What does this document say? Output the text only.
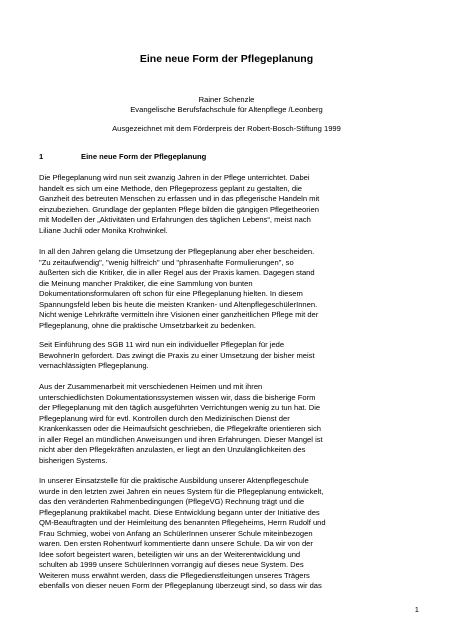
Eine neue Form der Pflegeplanung

Rainer Schenzle

Evangelische Berufsfachschule für Altenpflege /Leonberg

Ausgezeichnet mit dem Förderpreis der Robert-Bosch-Stiftung 1999

1	Eine neue Form der Pflegeplanung
Die Pflegeplanung wird nun seit zwanzig Jahren in der Pflege unterrichtet. Dabei
handelt es sich um eine Methode, den Pflegeprozess geplant zu gestalten, die
Ganzheit des betreuten Menschen zu erfassen und in das pflegerische Handeln mit
einzubeziehen. Grundlage der geplanten Pflege bilden die gängigen Pflegetheorien
mit Modellen der „Aktivitäten und Erfahrungen des täglichen Lebens“, meist nach
Liliane Juchli oder Monika Krohwinkel.
In all den Jahren gelang die Umsetzung der Pflegeplanung aber eher bescheiden.
"Zu zeitaufwendig", "wenig hilfreich" und "phrasenhafte Formulierungen", so
äußerten sich die Kritiker, die in aller Regel aus der Praxis kamen. Dagegen stand
die Meinung mancher Praktiker, die eine Sammlung von bunten
Dokumentationsformularen oft schon für eine Pflegeplanung hielten. In diesem
Spannungsfeld leben bis heute die meisten Kranken- und AltenpflegeschülerInnen.
Nicht wenige Lehrkräfte vermitteln ihre Visionen einer ganzheitlichen Pflege mit der
Pflegeplanung, ohne die praktische Umsetzbarkeit zu bedenken.
Seit Einführung des SGB 11 wird nun ein individueller Pflegeplan für jede
BewohnerIn gefordert. Das zwingt die Praxis zu einer Umsetzung der bisher meist
vernachlässigten Pflegeplanung.
Aus der Zusammenarbeit mit verschiedenen Heimen und mit ihren
unterschiedlichsten Dokumentationssystemen wissen wir, dass die bisherige Form
der Pflegeplanung mit den täglich ausgeführten Verrichtungen wenig zu tun hat. Die
Pflegeplanung wird für evtl. Kontrollen durch den Medizinischen Dienst der
Krankenkassen oder die Heimaufsicht geschrieben, die Pflegekräfte orientieren sich
in aller Regel an mündlichen Anweisungen und ihren Erfahrungen. Dieser Mangel ist
nicht aber den Pflegekräften anzulasten, er liegt an den Unzulänglichkeiten des
bisherigen Systems.
In unserer Einsatzstelle für die praktische Ausbildung unserer Aktenpflegeschule
wurde in den letzten zwei Jahren ein neues System für die Pflegeplanung entwickelt,
das den veränderten Rahmenbedingungen (PflegeVG) Rechnung trägt und die
Pflegeplanung praktikabel macht. Diese Entwicklung begann unter der Initiative des
QM-Beauftragten und der Heimleitung des benannten Pflegeheims, Herrn Rudolf und
Frau Schmieg, wobei von Anfang an SchülerInnen unserer Schule miteinbezogen
waren. Den ersten Rohentwurf kommentierte dann unsere Schule. Da wir von der
Idee sofort begeistert waren, beteiligten wir uns an der Weiterentwicklung und
schulten ab 1999 unsere SchülerInnen vorrangig auf dieses neue System. Des
Weiteren muss erwähnt werden, dass die Pflegedienstleitungen unseres Trägers
ebenfalls von dieser neuen Form der Pflegeplanung überzeugt sind, so dass wir das

1
